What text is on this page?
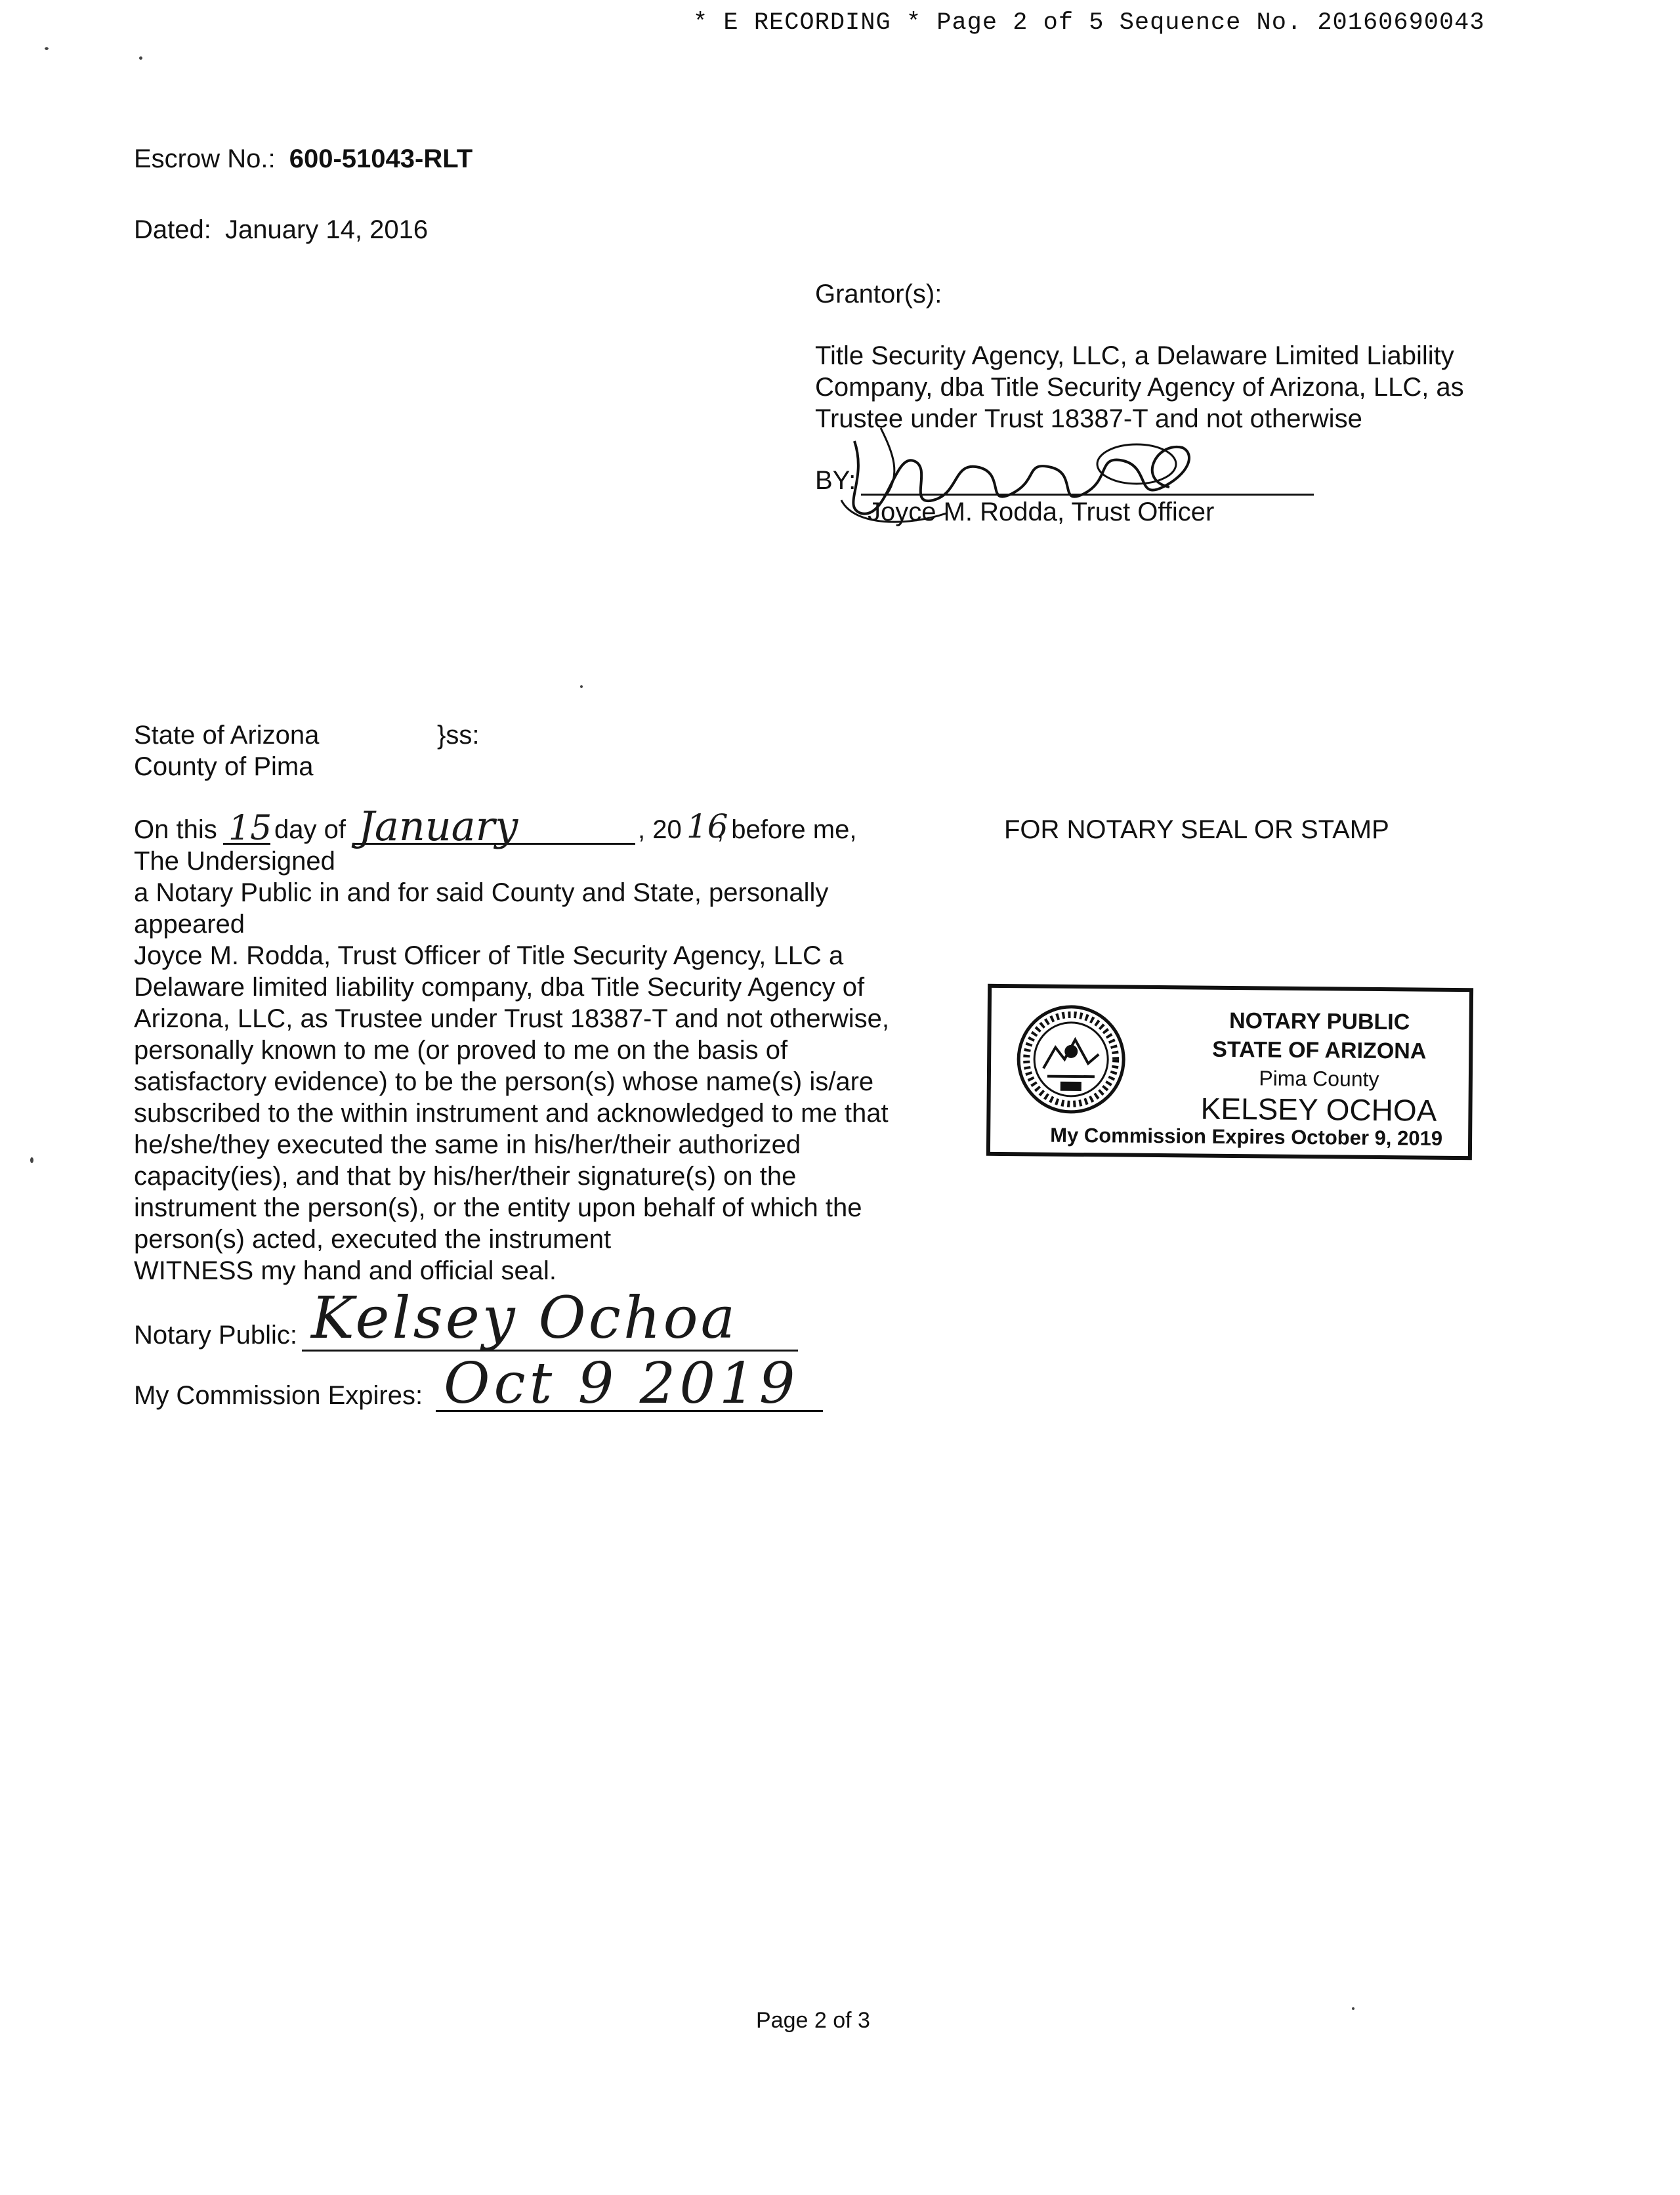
* E RECORDING * Page 2 of 5 Sequence No. 20160690043
Escrow No.: 600-51043-RLT
Dated: January 14, 2016
Grantor(s):
Title Security Agency, LLC, a Delaware Limited Liability
Company, dba Title Security Agency of Arizona, LLC, as
Trustee under Trust 18387-T and not otherwise
BY:
Joyce M. Rodda, Trust Officer
State of Arizona	}ss:
County of Pima
On this 15 day of January	, 20 16
, before me,
The Undersigned
a Notary Public in and for said County and State, personally
appeared
Joyce M. Rodda, Trust Officer of Title Security Agency, LLC a
Delaware limited liability company, dba Title Security Agency of
Arizona, LLC, as Trustee under Trust 18387-T and not otherwise,
personally known to me (or proved to me on the basis of
satisfactory evidence) to be the person(s) whose name(s) is/are
subscribed to the within instrument and acknowledged to me that
he/she/they executed the same in his/her/their authorized
capacity(ies), and that by his/her/their signature(s) on the
instrument the person(s), or the entity upon behalf of which the
person(s) acted, executed the instrument
WITNESS my hand and official seal.
FOR NOTARY SEAL OR STAMP
NOTARY PUBLIC
STATE OF ARIZONA
Pima County
KELSEY OCHOA
My Commission Expires October 9, 2019
Notary Public: Kelsey Ochoa
My Commission Expires: Oct 9 2019
Page 2 of 3
